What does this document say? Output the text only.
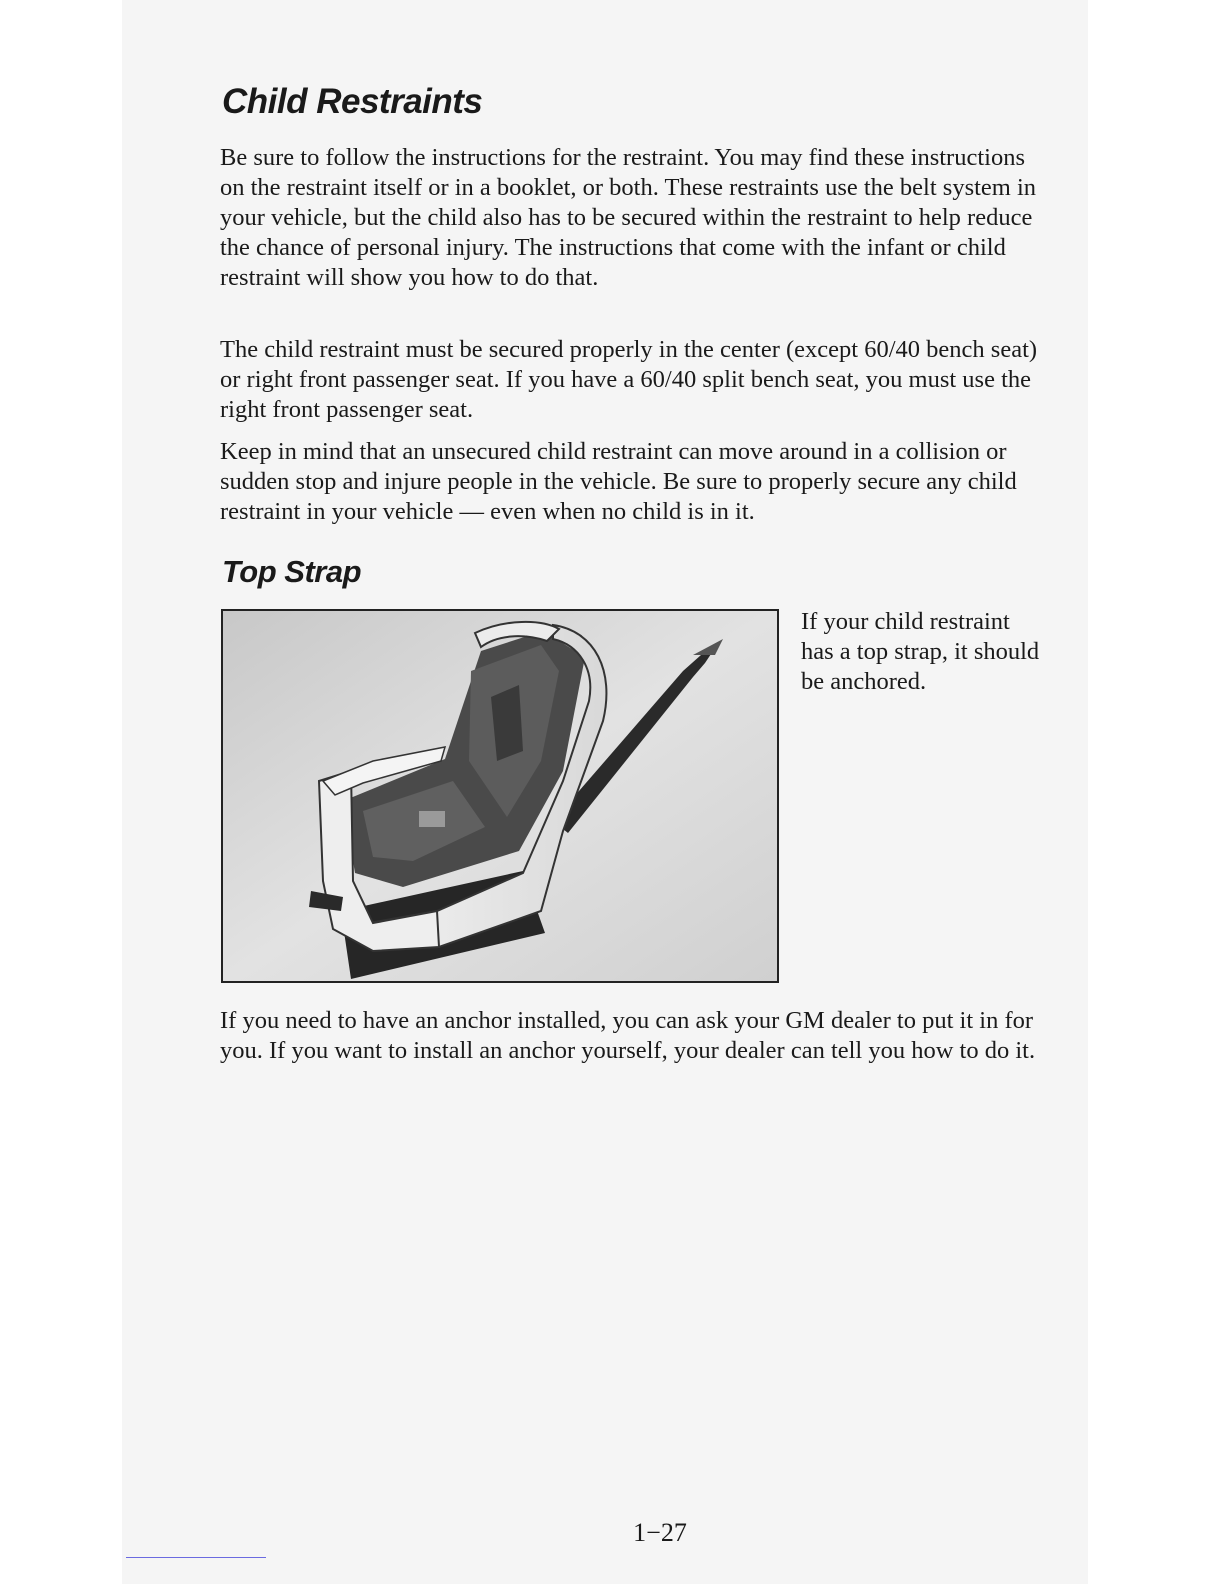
Child Restraints

Be sure to follow the instructions for the restraint. You may find these instructions on the restraint itself or in a booklet, or both. These restraints use the belt system in your vehicle, but the child also has to be secured within the restraint to help reduce the chance of personal injury. The instructions that come with the infant or child restraint will show you how to do that.

The child restraint must be secured properly in the center (except 60/40 bench seat) or right front passenger seat. If you have a 60/40 split bench seat, you must use the right front passenger seat.

Keep in mind that an unsecured child restraint can move around in a collision or sudden stop and injure people in the vehicle. Be sure to properly secure any child restraint in your vehicle — even when no child is in it.

Top Strap

If your child restraint has a top strap, it should be anchored.

If you need to have an anchor installed, you can ask your GM dealer to put it in for you. If you want to install an anchor yourself, your dealer can tell you how to do it.

1−27
